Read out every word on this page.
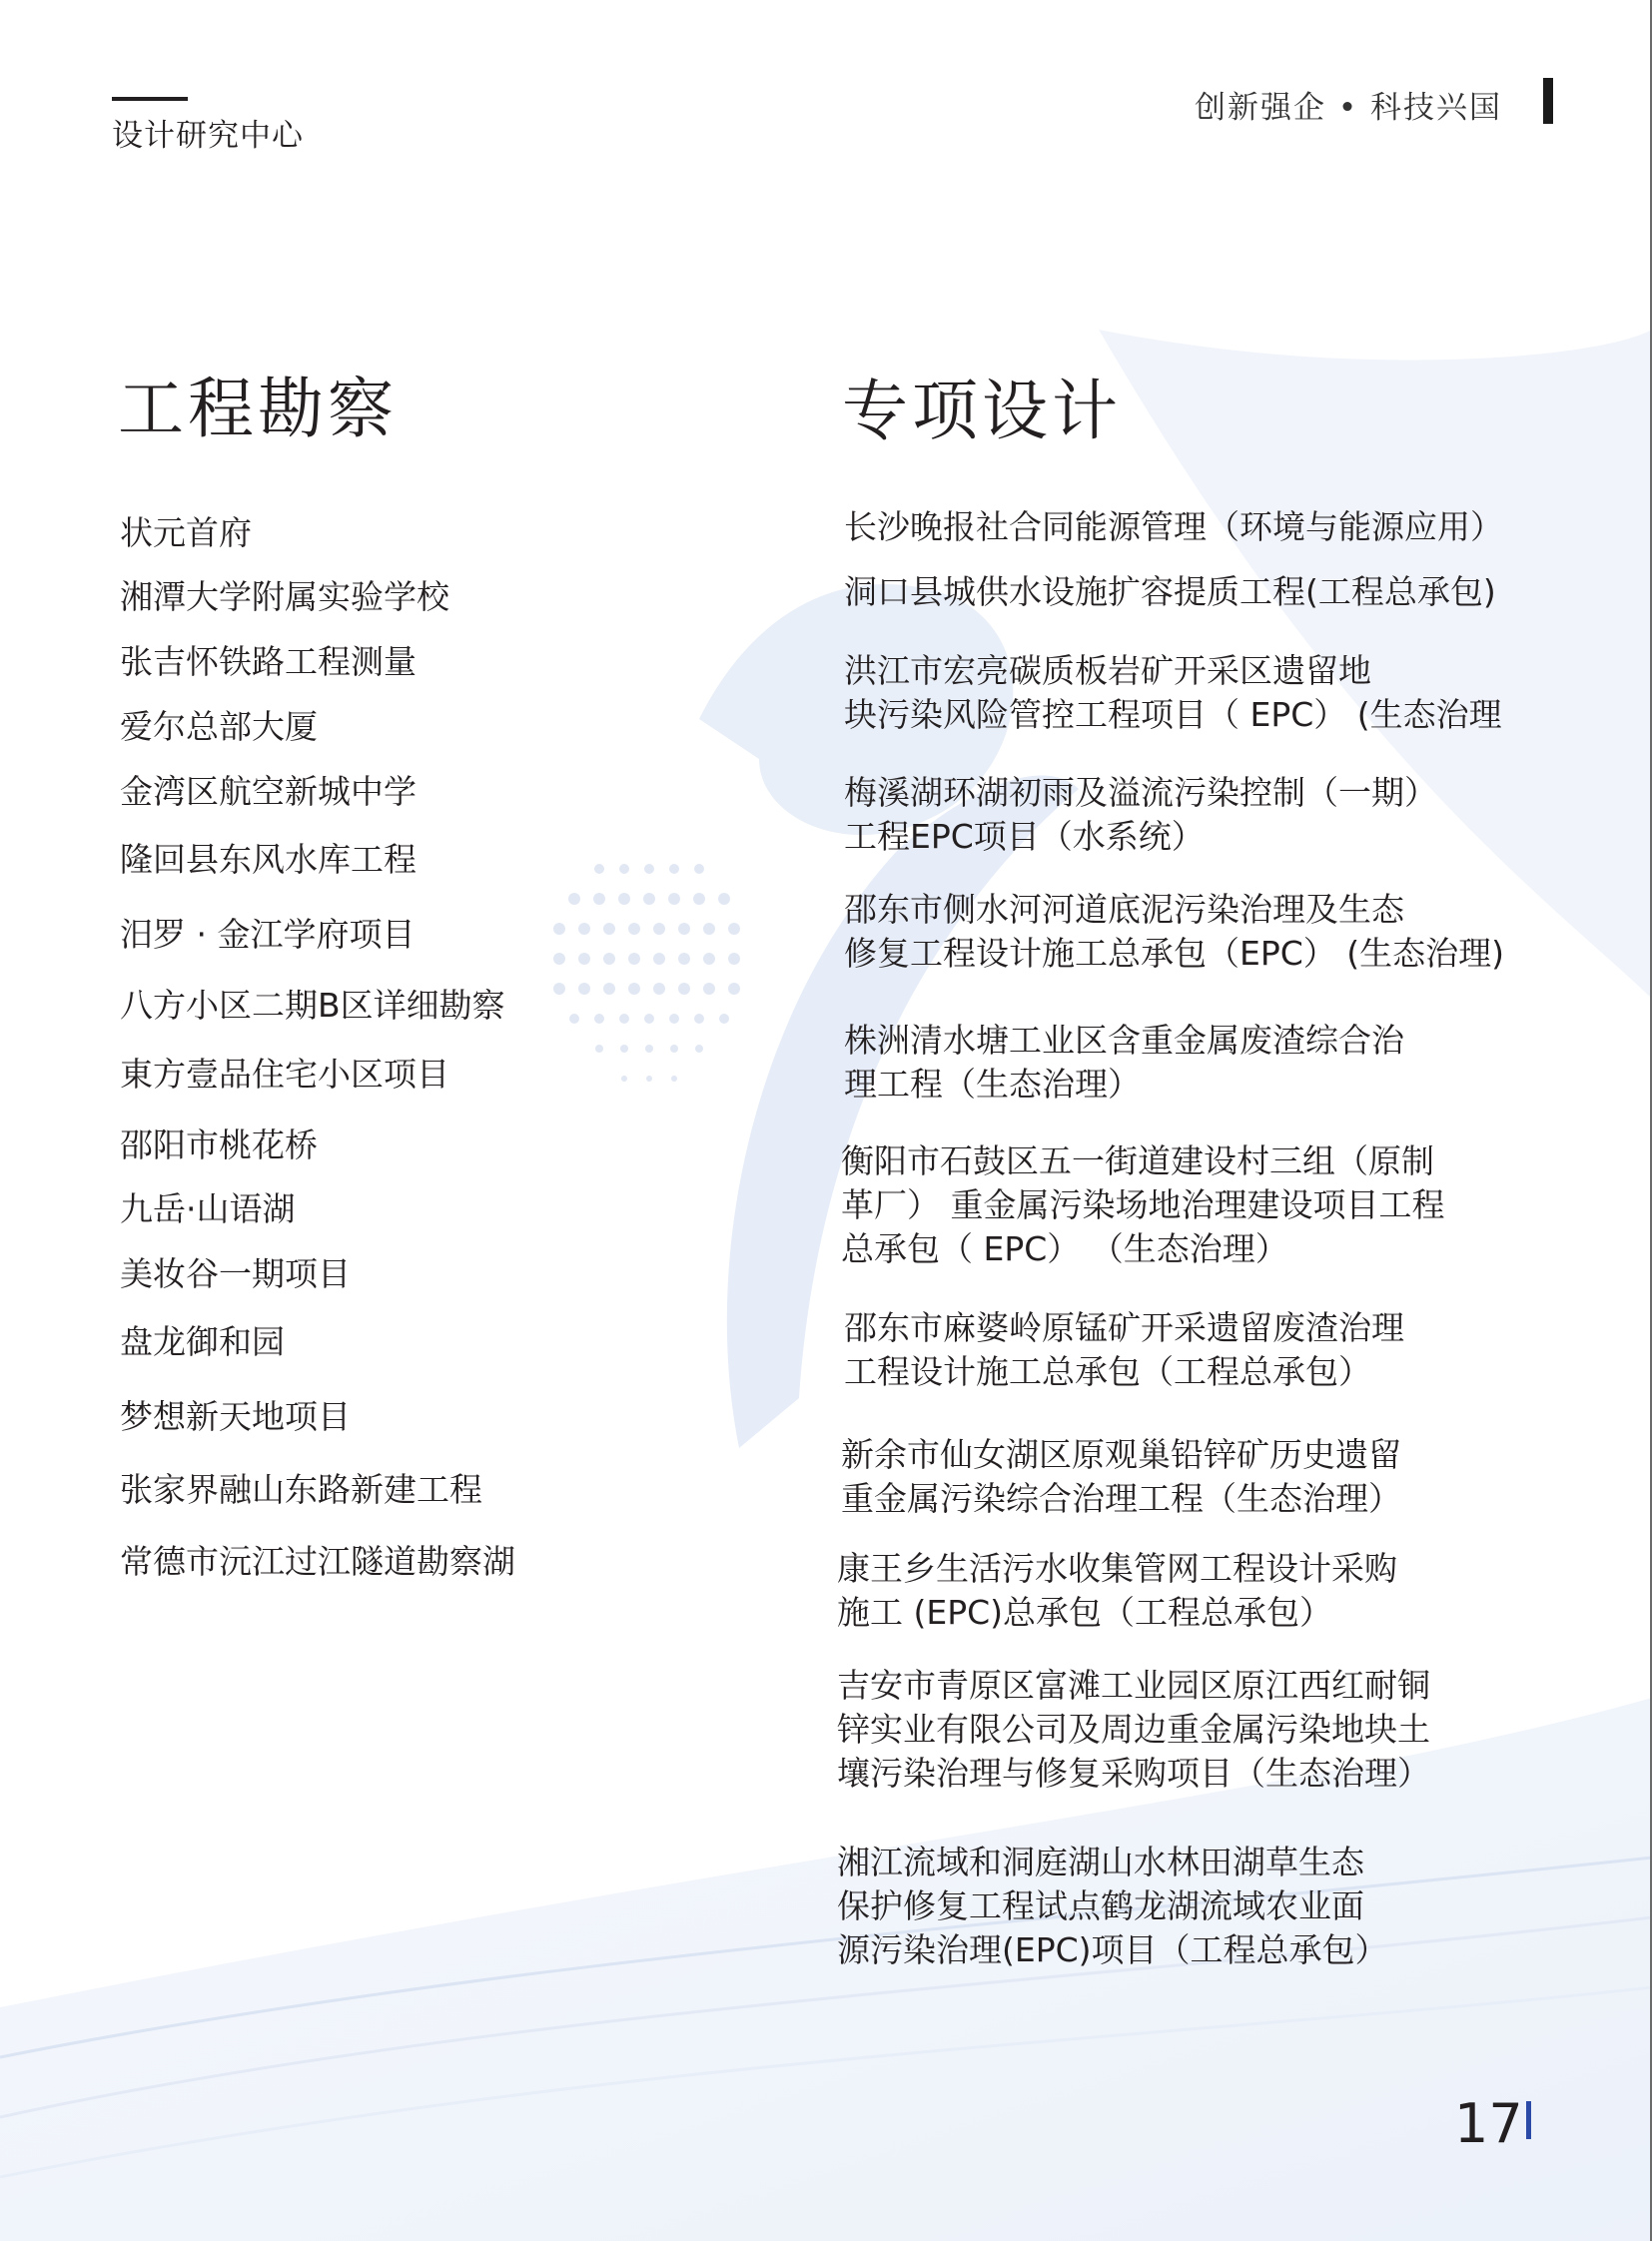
设计研究中心
创新强企 • 科技兴国
工程勘察	专项设计
状元首府
湘潭大学附属实验学校
张吉怀铁路工程测量
爱尔总部大厦
金湾区航空新城中学
隆回县东风水库工程
汨罗 · 金江学府项目
八方小区二期B区详细勘察
東方壹品住宅小区项目
邵阳市桃花桥
九岳·山语湖
美妆谷一期项目
盘龙御和园
梦想新天地项目
张家界融山东路新建工程
常德市沅江过江隧道勘察湖
长沙晚报社合同能源管理（环境与能源应用）
洞口县城供水设施扩容提质工程(工程总承包)
洪江市宏亮碳质板岩矿开采区遗留地
块污染风险管控工程项目（ EPC） (生态治理
梅溪湖环湖初雨及溢流污染控制（一期）
工程EPC项目（水系统）
邵东市侧水河河道底泥污染治理及生态
修复工程设计施工总承包（EPC） (生态治理)
株洲清水塘工业区含重金属废渣综合治
理工程（生态治理）
衡阳市石鼓区五一街道建设村三组（原制
革厂） 重金属污染场地治理建设项目工程
总承包（ EPC） （生态治理）
邵东市麻婆岭原锰矿开采遗留废渣治理
工程设计施工总承包（工程总承包）
新余市仙女湖区原观巢铅锌矿历史遗留
重金属污染综合治理工程（生态治理）
康王乡生活污水收集管网工程设计采购
施工 (EPC)总承包（工程总承包）
吉安市青原区富滩工业园区原江西红耐铜
锌实业有限公司及周边重金属污染地块土
壤污染治理与修复采购项目（生态治理）
湘江流域和洞庭湖山水林田湖草生态
保护修复工程试点鹤龙湖流域农业面
源污染治理(EPC)项目（工程总承包）
17
